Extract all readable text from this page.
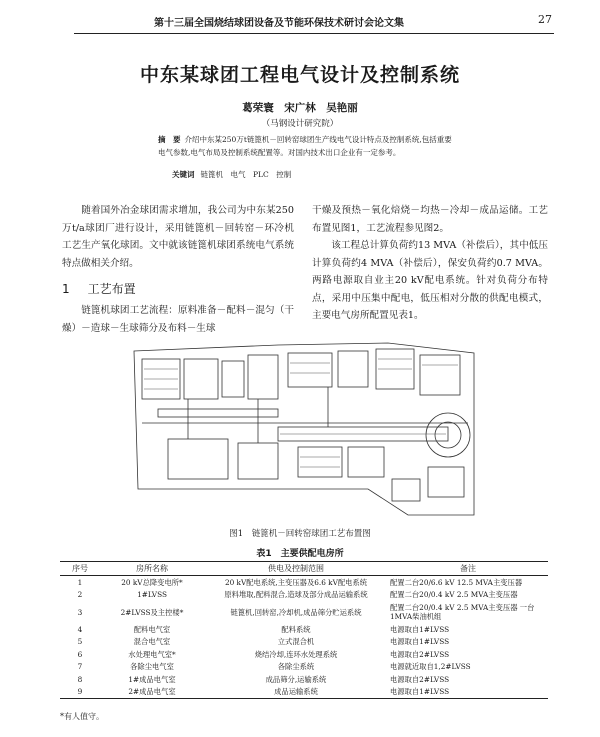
第十三届全国烧结球团设备及节能环保技术研讨会论文集	27
中东某球团工程电气设计及控制系统
葛荣寰　宋广林　吴艳丽
（马钢设计研究院）
摘　要 介绍中东某250万t链篦机－回转窑球团生产线电气设计特点及控制系统,包括重要电气参数,电气布局及控制系统配置等。对国内技术出口企业有一定参考。
关键词 链篦机　电气　PLC　控制

随着国外冶金球团需求增加，我公司为中东某250万t/a球团厂进行设计，采用链篦机－回转窑－环冷机工艺生产氧化球团。文中就该链篦机球团系统电气系统特点做相关介绍。

1 工艺布置

链篦机球团工艺流程：原料准备－配料－混匀（干燥）－造球－生球筛分及布料－生球

干燥及预热－氧化焙烧－均热－冷却－成品运储。工艺布置见图1，工艺流程参见图2。

该工程总计算负荷约13 MVA（补偿后），其中低压计算负荷约4 MVA（补偿后），保安负荷约0.7 MVA。两路电源取自业主20 kV配电系统。针对负荷分布特点，采用中压集中配电，低压相对分散的供配电模式，主要电气房所配置见表1。

图1　链篦机－回转窑球团工艺布置图
表1　主要供配电房所
序号	房所名称	供电及控制范围	备注
1	20 kV总降变电所*	20 kV配电系统,主变压器及6.6 kV配电系统	配置二台20/6.6 kV 12.5 MVA主变压器
2	1#LVSS	原料堆取,配料混合,造球及部分成品运输系统	配置二台20/0.4 kV 2.5 MVA主变压器
3	2#LVSS及主控楼*	链篦机,回转窑,冷却机,成品筛分贮运系统	配置二台20/0.4 kV 2.5 MVA主变压器 一台1MVA柴油机组
4	配料电气室	配料系统	电源取自1#LVSS
5	混合电气室	立式混合机	电源取自1#LVSS
6	水处理电气室*	烧结冷却,连环水处理系统	电源取自2#LVSS
7	各除尘电气室	各除尘系统	电源就近取自1,2#LVSS
8	1#成品电气室	成品筛分,运输系统	电源取自2#LVSS
9	2#成品电气室	成品运输系统	电源取自1#LVSS
*有人值守。
